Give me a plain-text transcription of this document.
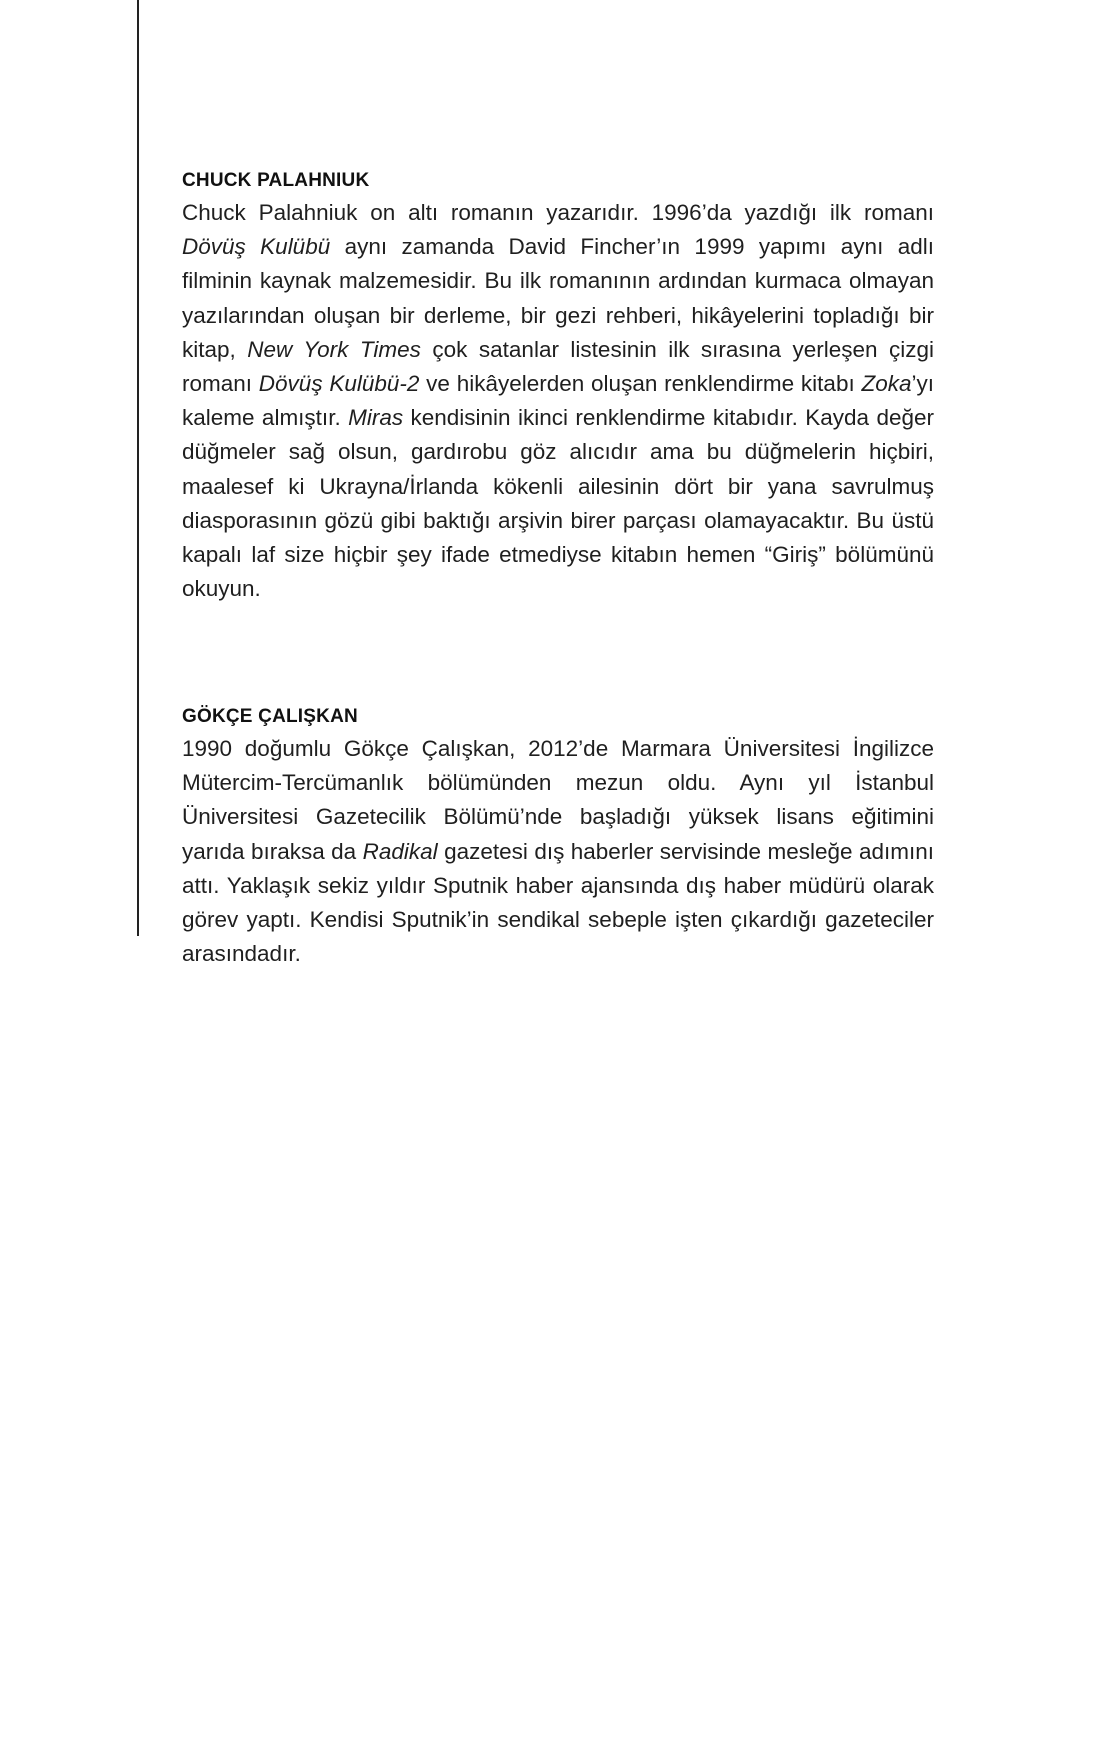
CHUCK PALAHNIUK

Chuck Palahniuk on altı romanın yazarıdır. 1996’da yazdığı ilk romanı Dövüş Kulübü aynı zamanda David Fincher’ın 1999 yapımı aynı adlı filminin kaynak malzemesidir. Bu ilk romanının ardından kurmaca olmayan yazılarından oluşan bir derleme, bir gezi rehberi, hikâyelerini topladığı bir kitap, New York Times çok satanlar listesinin ilk sırasına yerleşen çizgi romanı Dövüş Kulübü-2 ve hikâyelerden oluşan renklendirme kitabı Zoka’yı kaleme almıştır. Miras kendisinin ikinci renklendirme kitabıdır. Kayda değer düğmeler sağ olsun, gardırobu göz alıcıdır ama bu düğmelerin hiçbiri, maalesef ki Ukrayna/İrlanda kökenli ailesinin dört bir yana savrulmuş diasporasının gözü gibi baktığı arşivin birer parçası olamayacaktır. Bu üstü kapalı laf size hiçbir şey ifade etmediyse kitabın hemen “Giriş” bölümünü okuyun.

GÖKÇE ÇALIŞKAN

1990 doğumlu Gökçe Çalışkan, 2012’de Marmara Üniversitesi İngilizce Mütercim-Tercümanlık bölümünden mezun oldu. Aynı yıl İstanbul Üniversitesi Gazetecilik Bölümü’nde başladığı yüksek lisans eğitimini yarıda bıraksa da Radikal gazetesi dış haberler servisinde mesleğe adımını attı. Yaklaşık sekiz yıldır Sputnik haber ajansında dış haber müdürü olarak görev yaptı. Kendisi Sputnik’in sendikal sebeple işten çıkardığı gazeteciler arasındadır.
